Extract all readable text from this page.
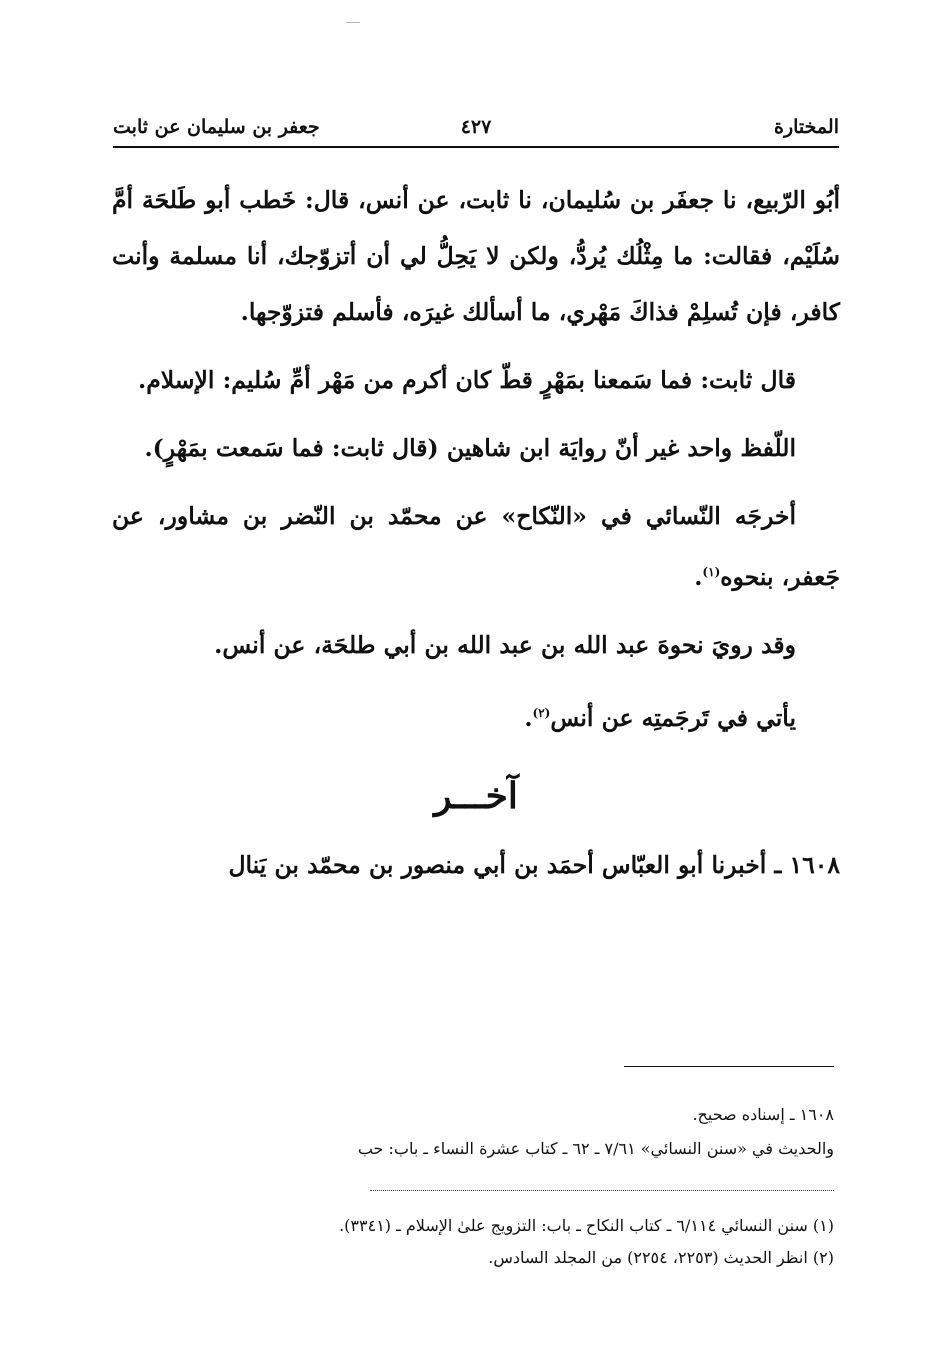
المختارة
٤٢٧
جعفر بن سليمان عن ثابت

أبُو الرّبيع، نا جعفَر بن سُليمان، نا ثابت، عن أنس، قال: خَطب أبو طَلحَة أمَّ سُلَيْم، فقالت: ما مِثْلُك يُردُّ، ولكن لا يَحِلُّ لي أن أتزوّجك، أنا مسلمة وأنت كافر، فإن تُسلِمْ فذاكَ مَهْري، ما أسألك غيرَه، فأسلم فتزوّجها.

قال ثابت: فما سَمعنا بمَهْرٍ قطّ كان أكرم من مَهْر أمِّ سُليم: الإسلام.

اللّفظ واحد غير أنّ روايَة ابن شاهين (قال ثابت: فما سَمعت بمَهْرٍ).

أخرجَه النّسائي في «النّكاح» عن محمّد بن النّضر بن مشاور، عن جَعفر، بنحوه$^{(١)}$.

وقد رويَ نحوهَ عبد الله بن عبد الله بن أبي طلحَة، عن أنس.

يأتي في تَرجَمتِه عن أنس$^{(٢)}$.

آخـــر

١٦٠٨ ـ أخبرنا أبو العبّاس أحمَد بن أبي منصور بن محمّد بن يَنال

١٦٠٨ ـ إسناده صحيح.

والحديث في «سنن النسائي» ٧/٦١ ـ ٦٢ ـ كتاب عشرة النساء ـ باب: حب

(١) سنن النسائي ٦/١١٤ ـ كتاب النكاح ـ باب: التزويج علىٰ الإسلام ـ (٣٣٤١).

(٢) انظر الحديث (٢٢٥٣، ٢٢٥٤) من المجلد السادس.
